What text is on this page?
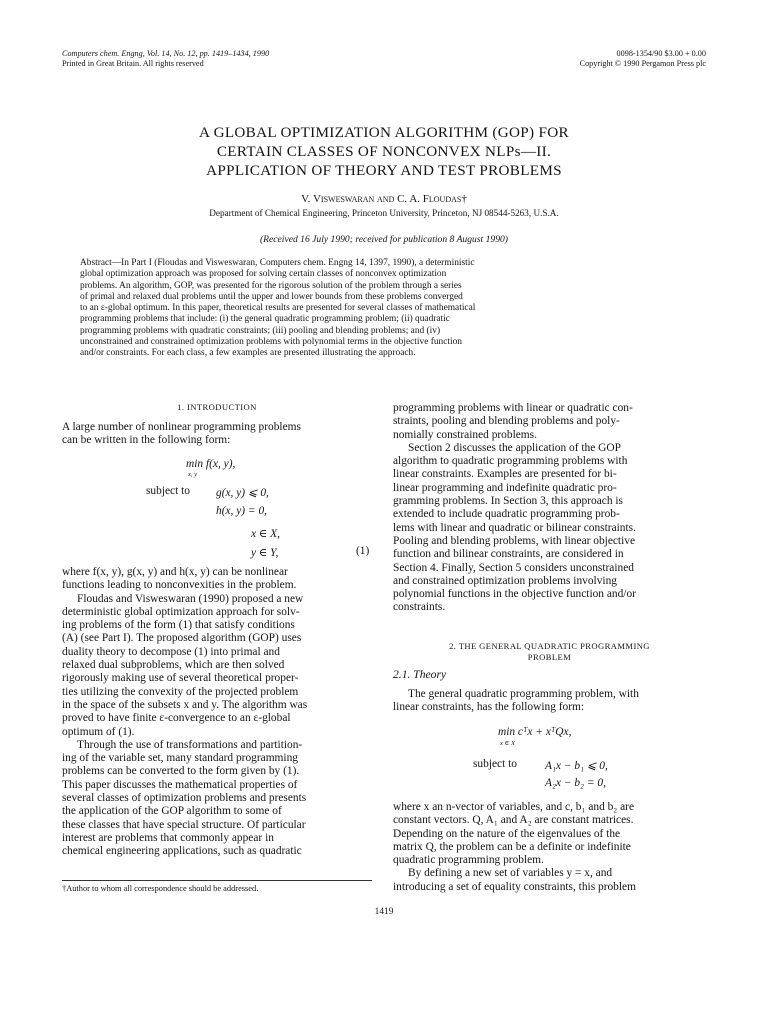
Computers chem. Engng, Vol. 14, No. 12, pp. 1419–1434, 1990
Printed in Great Britain. All rights reserved
0098-1354/90 $3.00 + 0.00
Copyright © 1990 Pergamon Press plc
A GLOBAL OPTIMIZATION ALGORITHM (GOP) FOR
CERTAIN CLASSES OF NONCONVEX NLPs—II.
APPLICATION OF THEORY AND TEST PROBLEMS
V. Visweswaran and C. A. Floudas†
Department of Chemical Engineering, Princeton University, Princeton, NJ 08544-5263, U.S.A.
(Received 16 July 1990; received for publication 8 August 1990)
Abstract—In Part I (Floudas and Visweswaran, Computers chem. Engng 14, 1397, 1990), a deterministic
global optimization approach was proposed for solving certain classes of nonconvex optimization
problems. An algorithm, GOP, was presented for the rigorous solution of the problem through a series
of primal and relaxed dual problems until the upper and lower bounds from these problems converged
to an ε-global optimum. In this paper, theoretical results are presented for several classes of mathematical
programming problems that include: (i) the general quadratic programming problem; (ii) quadratic
programming problems with quadratic constraints; (iii) pooling and blending problems; and (iv)
unconstrained and constrained optimization problems with polynomial terms in the objective function
and/or constraints. For each class, a few examples are presented illustrating the approach.
1. INTRODUCTION
A large number of nonlinear programming problems
can be written in the following form:
min f(x, y),
x, y
subject to g(x, y) ⩽ 0,
h(x, y) = 0,
x ∈ X,
y ∈ Y,	(1)
where f(x, y), g(x, y) and h(x, y) can be nonlinear
functions leading to nonconvexities in the problem.
Floudas and Visweswaran (1990) proposed a new
deterministic global optimization approach for solv-
ing problems of the form (1) that satisfy conditions
(A) (see Part I). The proposed algorithm (GOP) uses
duality theory to decompose (1) into primal and
relaxed dual subproblems, which are then solved
rigorously making use of several theoretical proper-
ties utilizing the convexity of the projected problem
in the space of the subsets x and y. The algorithm was
proved to have finite ε-convergence to an ε-global
optimum of (1).
Through the use of transformations and partition-
ing of the variable set, many standard programming
problems can be converted to the form given by (1).
This paper discusses the mathematical properties of
several classes of optimization problems and presents
the application of the GOP algorithm to some of
these classes that have special structure. Of particular
interest are problems that commonly appear in
chemical engineering applications, such as quadratic
†Author to whom all correspondence should be addressed.
programming problems with linear or quadratic con-
straints, pooling and blending problems and poly-
nomially constrained problems.
Section 2 discusses the application of the GOP
algorithm to quadratic programming problems with
linear constraints. Examples are presented for bi-
linear programming and indefinite quadratic pro-
gramming problems. In Section 3, this approach is
extended to include quadratic programming prob-
lems with linear and quadratic or bilinear constraints.
Pooling and blending problems, with linear objective
function and bilinear constraints, are considered in
Section 4. Finally, Section 5 considers unconstrained
and constrained optimization problems involving
polynomial functions in the objective function and/or
constraints.
2. THE GENERAL QUADRATIC PROGRAMMING
PROBLEM
2.1. Theory
The general quadratic programming problem, with
linear constraints, has the following form:
min cᵀx + xᵀQx,
x ∈ X
subject to A₁x − b₁ ⩽ 0,
A₂x − b₂ = 0,
where x an n-vector of variables, and c, b₁ and b₂ are
constant vectors. Q, A₁ and A₂ are constant matrices.
Depending on the nature of the eigenvalues of the
matrix Q, the problem can be a definite or indefinite
quadratic programming problem.
By defining a new set of variables y = x, and
introducing a set of equality constraints, this problem
1419
